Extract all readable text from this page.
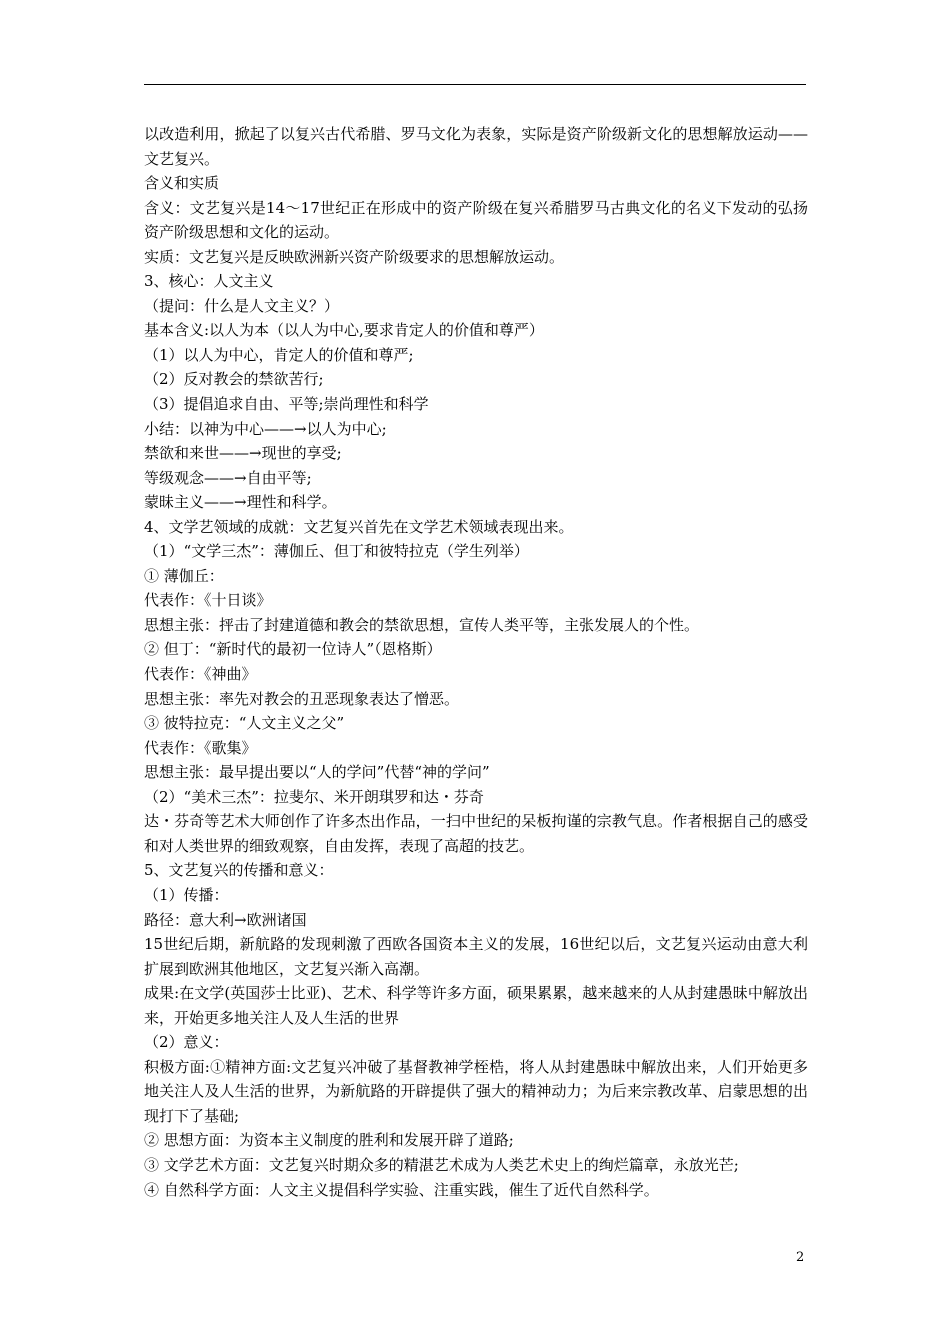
以改造利用，掀起了以复兴古代希腊、罗马文化为表象，实际是资产阶级新文化的思想解放运动——文艺复兴。

含义和实质

含义：文艺复兴是14～17世纪正在形成中的资产阶级在复兴希腊罗马古典文化的名义下发动的弘扬资产阶级思想和文化的运动。

实质：文艺复兴是反映欧洲新兴资产阶级要求的思想解放运动。

3、核心：人文主义

（提问：什么是人文主义？）

基本含义:以人为本（以人为中心,要求肯定人的价值和尊严）

（1）以人为中心，肯定人的价值和尊严;

（2）反对教会的禁欲苦行;

（3）提倡追求自由、平等;崇尚理性和科学

小结：以神为中心——→以人为中心;

禁欲和来世——→现世的享受;

等级观念——→自由平等;

蒙昧主义——→理性和科学。

4、文学艺领域的成就：文艺复兴首先在文学艺术领域表现出来。

（1）“文学三杰”：薄伽丘、但丁和彼特拉克（学生列举）

① 薄伽丘：

代表作：《十日谈》

思想主张：抨击了封建道德和教会的禁欲思想，宣传人类平等，主张发展人的个性。

② 但丁：“新时代的最初一位诗人”（恩格斯）

代表作：《神曲》

思想主张：率先对教会的丑恶现象表达了憎恶。

③ 彼特拉克：“人文主义之父”

代表作：《歌集》

思想主张：最早提出要以“人的学问”代替“神的学问”

（2）“美术三杰”：拉斐尔、米开朗琪罗和达・芬奇

达・芬奇等艺术大师创作了许多杰出作品，一扫中世纪的呆板拘谨的宗教气息。作者根据自己的感受和对人类世界的细致观察，自由发挥，表现了高超的技艺。

5、文艺复兴的传播和意义：

（1）传播：

路径：意大利→欧洲诸国

15世纪后期，新航路的发现刺激了西欧各国资本主义的发展，16世纪以后，文艺复兴运动由意大利扩展到欧洲其他地区，文艺复兴渐入高潮。

成果:在文学(英国莎士比亚)、艺术、科学等许多方面，硕果累累，越来越来的人从封建愚昧中解放出来，开始更多地关注人及人生活的世界

（2）意义：

积极方面:①精神方面:文艺复兴冲破了基督教神学桎梏，将人从封建愚昧中解放出来，人们开始更多地关注人及人生活的世界，为新航路的开辟提供了强大的精神动力；为后来宗教改革、启蒙思想的出现打下了基础;

② 思想方面：为资本主义制度的胜利和发展开辟了道路;

③ 文学艺术方面：文艺复兴时期众多的精湛艺术成为人类艺术史上的绚烂篇章，永放光芒;

④ 自然科学方面：人文主义提倡科学实验、注重实践，催生了近代自然科学。

2
